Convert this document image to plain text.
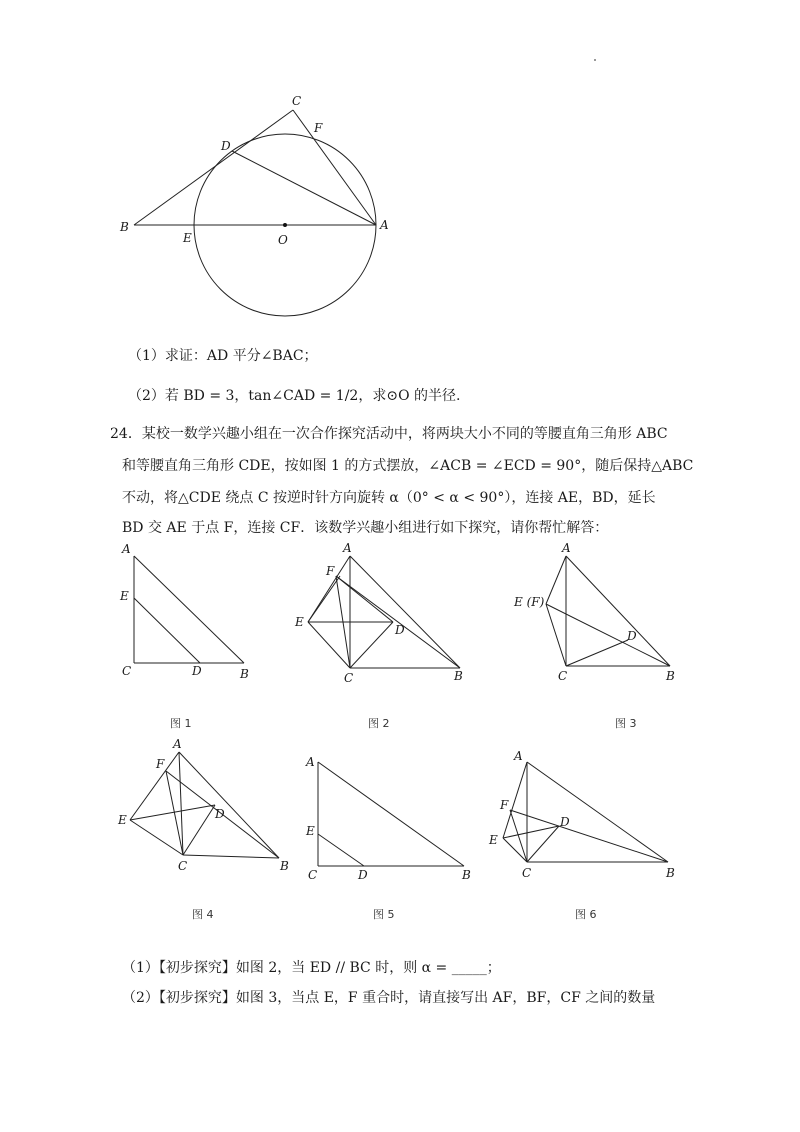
C
F
D
B
E	O
A
（1）求证：AD 平分∠BAC；
（2）若 BD = 3，tan∠CAD = 1/2，求⊙O 的半径.
24．某校一数学兴趣小组在一次合作探究活动中，将两块大小不同的等腰直角三角形 ABC
和等腰直角三角形 CDE，按如图 1 的方式摆放，∠ACB = ∠ECD = 90°，随后保持△ABC
不动，将△CDE 绕点 C 按逆时针方向旋转 α（0° < α < 90°），连接 AE，BD，延长
BD 交 AE 于点 F，连接 CF．该数学兴趣小组进行如下探究，请你帮忙解答：
A
E
C	D	B
图 1
A
F
E
D
C	B
图 2
A
E (F)
D
C	B
图 3
A
F
E	D
C	B
图 4
A
E
C	D	B
图 5
A
F
D
E
C	B
图 6
（1）【初步探究】如图 2，当 ED // BC 时，则 α = _____；
（2）【初步探究】如图 3，当点 E，F 重合时，请直接写出 AF，BF，CF 之间的数量
